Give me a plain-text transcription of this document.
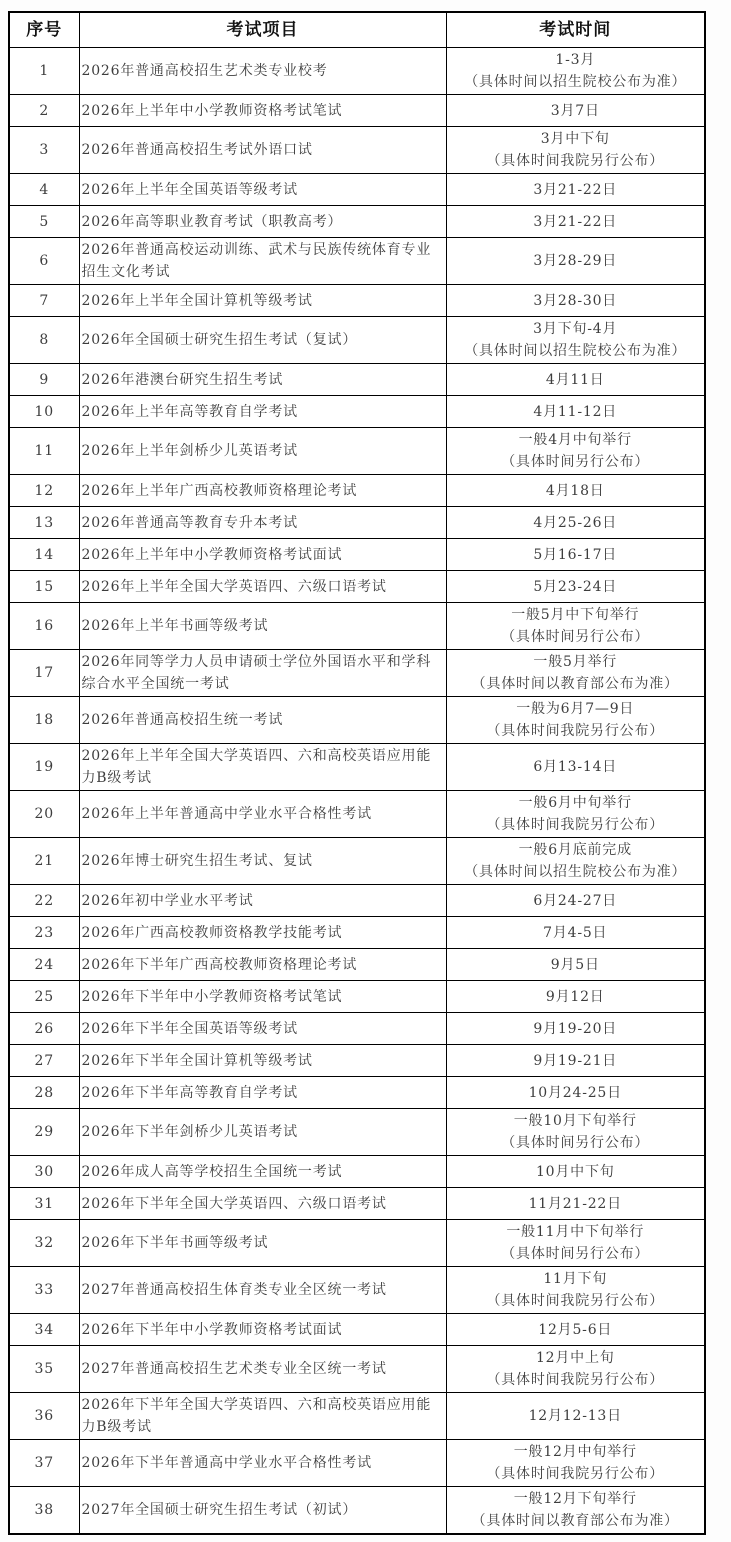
序号	考试项目	考试时间
1	2026年普通高校招生艺术类专业校考	1-3月
（具体时间以招生院校公布为准）

2	2026年上半年中小学教师资格考试笔试	3月7日

3	2026年普通高校招生考试外语口试	3月中下旬
（具体时间我院另行公布）

4	2026年上半年全国英语等级考试	3月21-22日

5	2026年高等职业教育考试（职教高考）	3月21-22日

6	2026年普通高校运动训练、武术与民族传统体育专业招生文化考试	3月28-29日

7	2026年上半年全国计算机等级考试	3月28-30日

8	2026年全国硕士研究生招生考试（复试）	3月下旬-4月
（具体时间以招生院校公布为准）

9	2026年港澳台研究生招生考试	4月11日

10	2026年上半年高等教育自学考试	4月11-12日

11	2026年上半年剑桥少儿英语考试	一般4月中旬举行
（具体时间另行公布）

12	2026年上半年广西高校教师资格理论考试	4月18日

13	2026年普通高等教育专升本考试	4月25-26日

14	2026年上半年中小学教师资格考试面试	5月16-17日

15	2026年上半年全国大学英语四、六级口语考试	5月23-24日

16	2026年上半年书画等级考试	一般5月中下旬举行
（具体时间另行公布）

17	2026年同等学力人员申请硕士学位外国语水平和学科综合水平全国统一考试	一般5月举行
（具体时间以教育部公布为准）

18	2026年普通高校招生统一考试	一般为6月7—9日
（具体时间我院另行公布）

19	2026年上半年全国大学英语四、六和高校英语应用能力B级考试	6月13-14日

20	2026年上半年普通高中学业水平合格性考试	一般6月中旬举行
（具体时间我院另行公布）

21	2026年博士研究生招生考试、复试	一般6月底前完成
（具体时间以招生院校公布为准）

22	2026年初中学业水平考试	6月24-27日

23	2026年广西高校教师资格教学技能考试	7月4-5日

24	2026年下半年广西高校教师资格理论考试	9月5日

25	2026年下半年中小学教师资格考试笔试	9月12日

26	2026年下半年全国英语等级考试	9月19-20日

27	2026年下半年全国计算机等级考试	9月19-21日

28	2026年下半年高等教育自学考试	10月24-25日

29	2026年下半年剑桥少儿英语考试	一般10月下旬举行
（具体时间另行公布）

30	2026年成人高等学校招生全国统一考试	10月中下旬

31	2026年下半年全国大学英语四、六级口语考试	11月21-22日

32	2026年下半年书画等级考试	一般11月中下旬举行
（具体时间另行公布）

33	2027年普通高校招生体育类专业全区统一考试	11月下旬
（具体时间我院另行公布）

34	2026年下半年中小学教师资格考试面试	12月5-6日

35	2027年普通高校招生艺术类专业全区统一考试	12月中上旬
（具体时间我院另行公布）

36	2026年下半年全国大学英语四、六和高校英语应用能力B级考试	12月12-13日

37	2026年下半年普通高中学业水平合格性考试	一般12月中旬举行
（具体时间我院另行公布）

38	2027年全国硕士研究生招生考试（初试）	一般12月下旬举行
（具体时间以教育部公布为准）
